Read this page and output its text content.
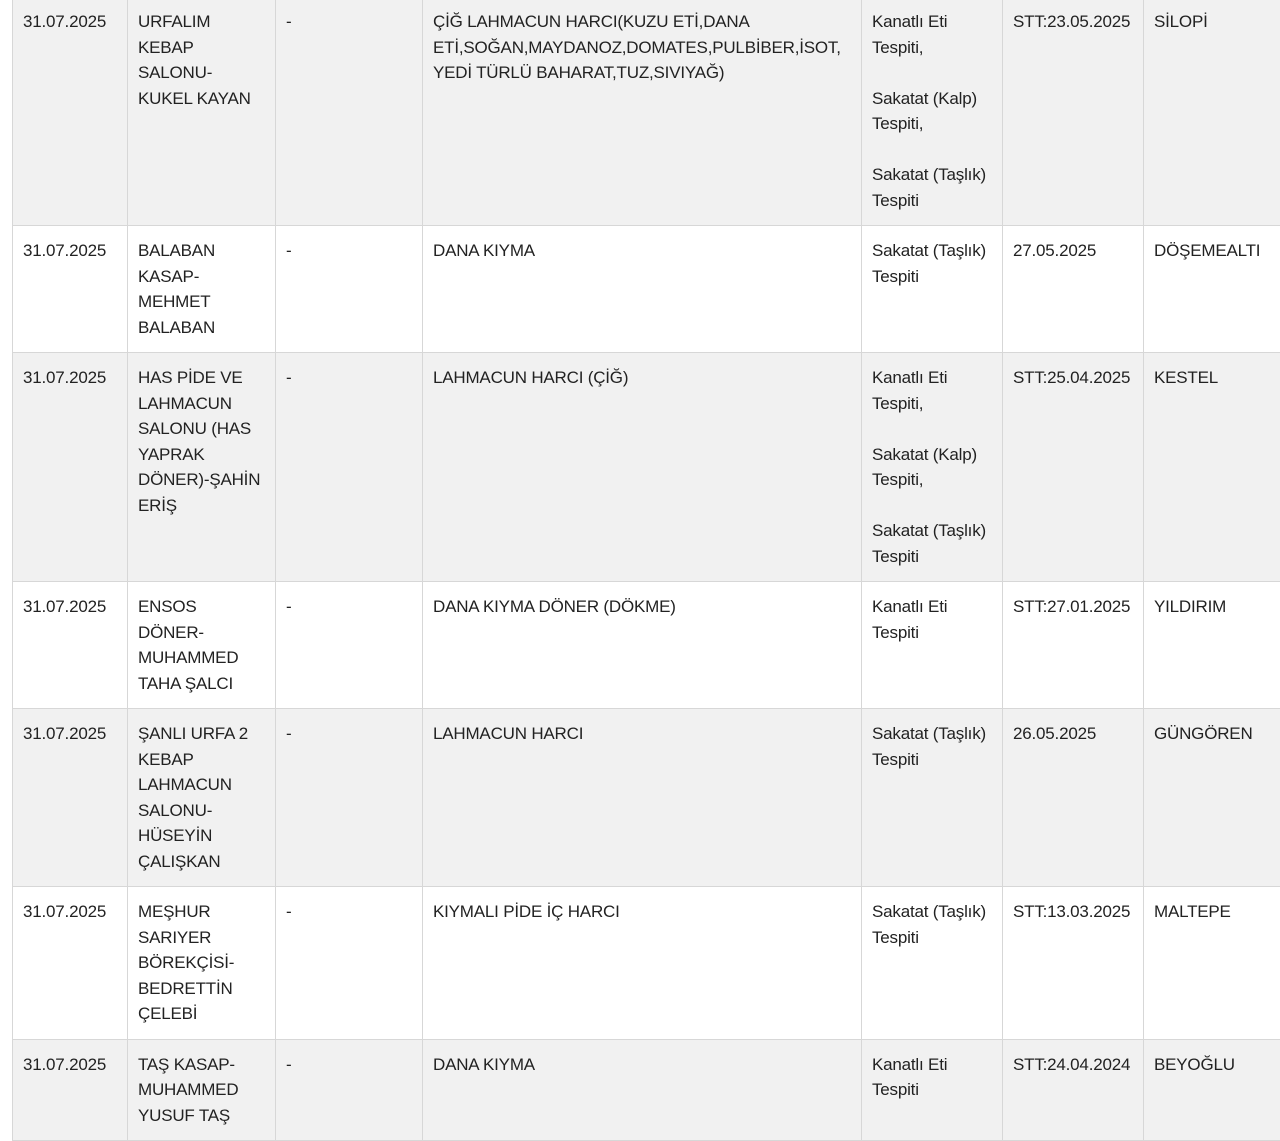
31.07.2025	URFALIM KEBAP SALONU-KUKEL KAYAN	-	ÇİĞ LAHMACUN HARCI(KUZU ETİ,DANA ETİ,SOĞAN,MAYDANOZ,DOMATES,PULBİBER,İSOT,YEDİ TÜRLÜ BAHARAT,TUZ,SIVIYAĞ)	Kanatlı Eti Tespiti,

Sakatat (Kalp) Tespiti,

Sakatat (Taşlık) Tespiti	STT:23.05.2025	SİLOPİ
31.07.2025	BALABAN KASAP-MEHMET BALABAN	-	DANA KIYMA	Sakatat (Taşlık) Tespiti	27.05.2025	DÖŞEMEALTI
31.07.2025	HAS PİDE VE LAHMACUN SALONU (HAS YAPRAK DÖNER)-ŞAHİN ERİŞ	-	LAHMACUN HARCI (ÇİĞ)	Kanatlı Eti Tespiti,

Sakatat (Kalp) Tespiti,

Sakatat (Taşlık) Tespiti	STT:25.04.2025	KESTEL
31.07.2025	ENSOS DÖNER-MUHAMMED TAHA ŞALCI	-	DANA KIYMA DÖNER (DÖKME)	Kanatlı Eti Tespiti	STT:27.01.2025	YILDIRIM
31.07.2025	ŞANLI URFA 2 KEBAP LAHMACUN SALONU-HÜSEYİN ÇALIŞKAN	-	LAHMACUN HARCI	Sakatat (Taşlık) Tespiti	26.05.2025	GÜNGÖREN
31.07.2025	MEŞHUR SARIYER BÖREKÇİSİ-BEDRETTİN ÇELEBİ	-	KIYMALI PİDE İÇ HARCI	Sakatat (Taşlık) Tespiti	STT:13.03.2025	MALTEPE
31.07.2025	TAŞ KASAP-MUHAMMED YUSUF TAŞ	-	DANA KIYMA	Kanatlı Eti Tespiti	STT:24.04.2024	BEYOĞLU
